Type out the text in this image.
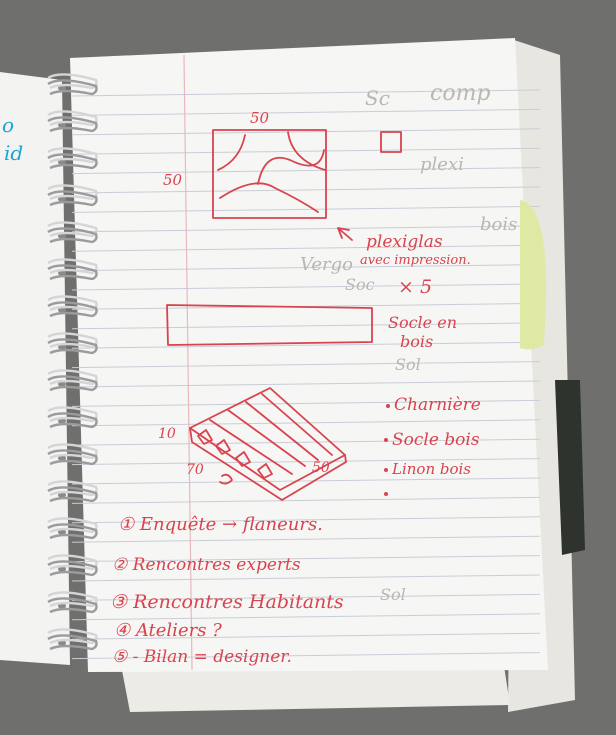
o
id
comp
Sc
plexi
bois
Soc
Vergo
Sol
Sol
50
50
plexiglas
avec impression.
× 5
Socle en
bois
10
70	50
Charnière
Socle bois
Linon bois
① Enquête → flaneurs.
② Rencontres experts
③ Rencontres Habitants
④ Ateliers ?
⑤ - Bilan = designer.
